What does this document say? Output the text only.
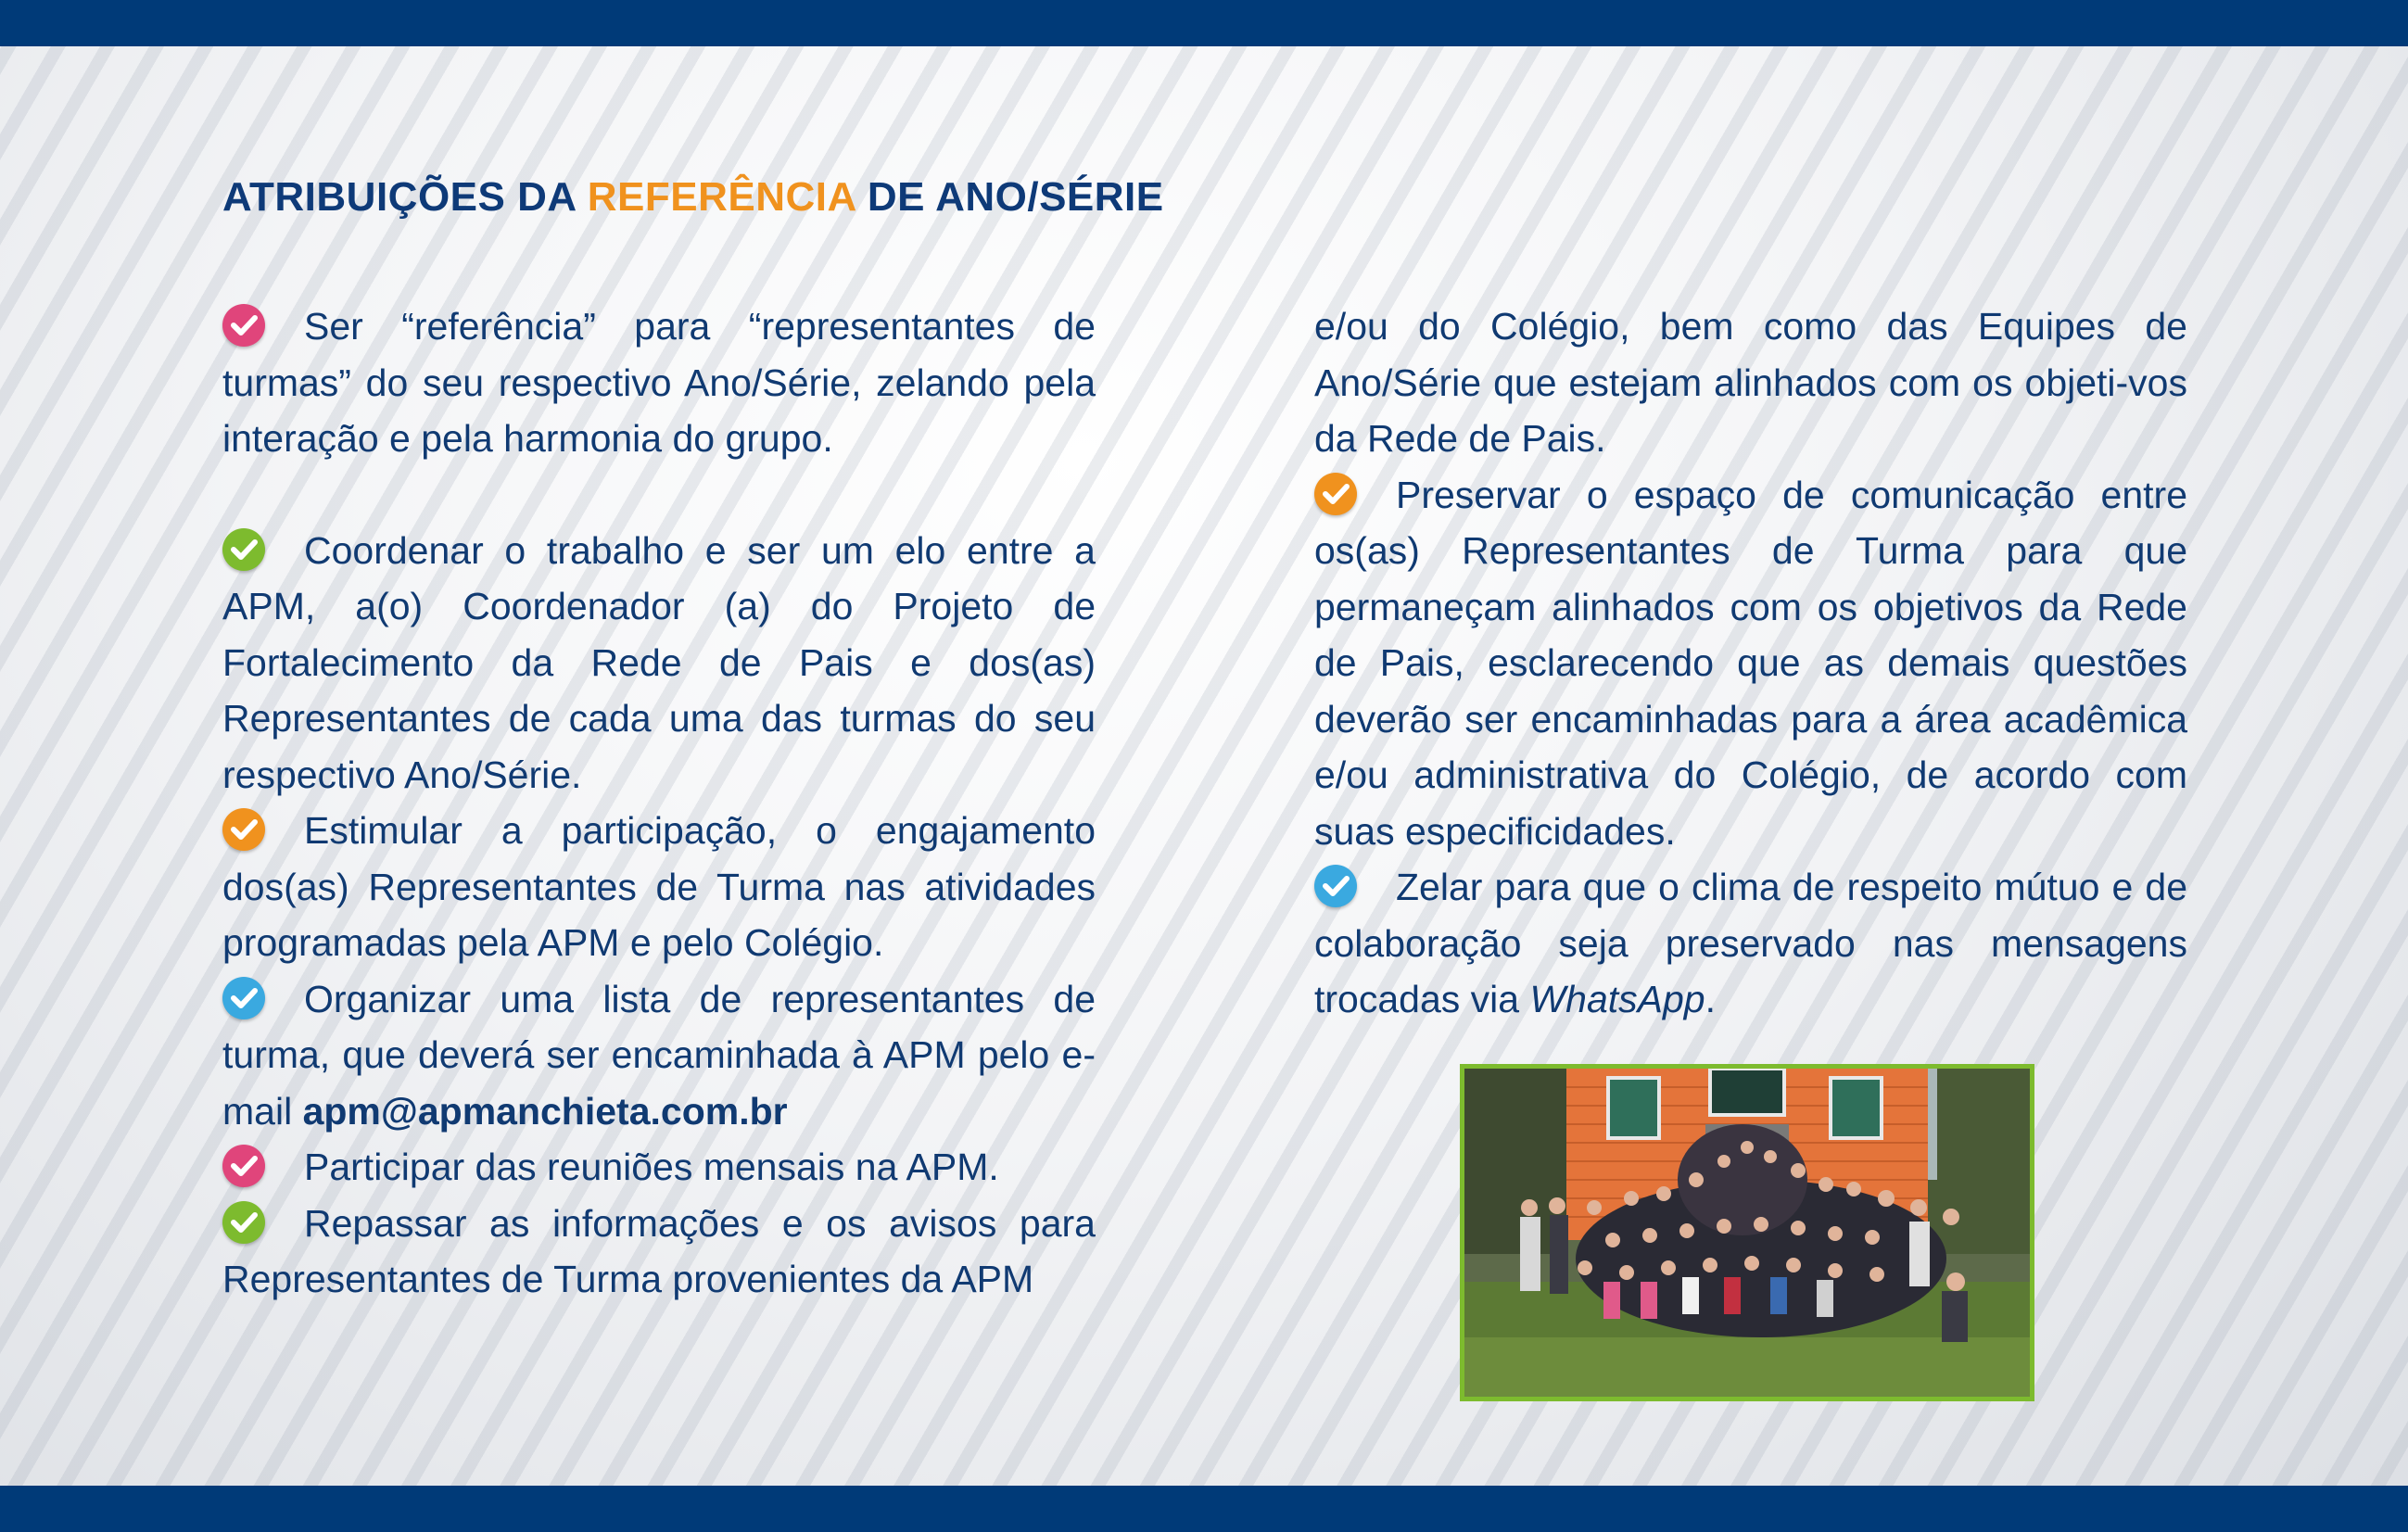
ATRIBUIÇÕES DA REFERÊNCIA DE ANO/SÉRIE

Ser “referência” para “representantes de turmas” do seu respectivo Ano/Série, zelando pela interação e pela harmonia do grupo.

Coordenar o trabalho e ser um elo entre a APM, a(o) Coordenador (a) do Projeto de Fortalecimento da Rede de Pais e dos(as) Representantes de cada uma das turmas do seu respectivo Ano/Série.

Estimular a participação, o engajamento dos(as) Representantes de Turma nas atividades programadas pela APM e pelo Colégio.

Organizar uma lista de representantes de turma, que deverá ser encaminhada à APM pelo e-mail apm@apmanchieta.com.br

Participar das reuniões mensais na APM.

Repassar as informações e os avisos para Representantes de Turma provenientes da APM

e/ou do Colégio, bem como das Equipes de Ano/Série que estejam alinhados com os objeti-vos da Rede de Pais.

Preservar o espaço de comunicação entre os(as) Representantes de Turma para que permaneçam alinhados com os objetivos da Rede de Pais, esclarecendo que as demais questões deverão ser encaminhadas para a área acadêmica e/ou administrativa do Colégio, de acordo com suas especificidades.

Zelar para que o clima de respeito mútuo e de colaboração seja preservado nas mensagens trocadas via WhatsApp.
